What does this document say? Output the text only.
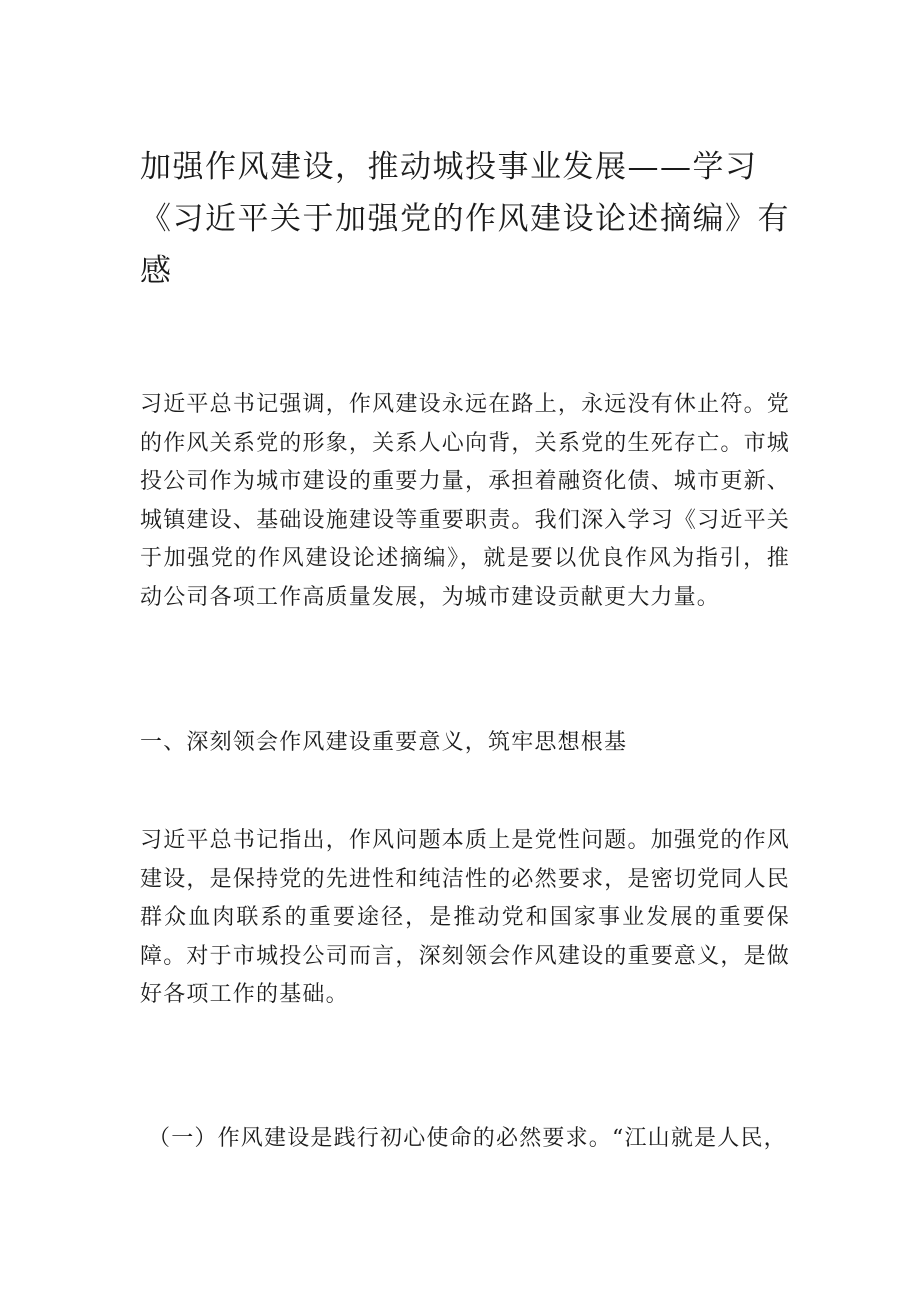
加强作风建设，推动城投事业发展——学习《习近平关于加强党的作风建设论述摘编》有感

习近平总书记强调，作风建设永远在路上，永远没有休止符。党的作风关系党的形象，关系人心向背，关系党的生死存亡。市城投公司作为城市建设的重要力量，承担着融资化债、城市更新、城镇建设、基础设施建设等重要职责。我们深入学习《习近平关于加强党的作风建设论述摘编》，就是要以优良作风为指引，推动公司各项工作高质量发展，为城市建设贡献更大力量。

一、深刻领会作风建设重要意义，筑牢思想根基

习近平总书记指出，作风问题本质上是党性问题。加强党的作风建设，是保持党的先进性和纯洁性的必然要求，是密切党同人民群众血肉联系的重要途径，是推动党和国家事业发展的重要保障。对于市城投公司而言，深刻领会作风建设的重要意义，是做好各项工作的基础。

（一）作风建设是践行初心使命的必然要求。“江山就是人民，
